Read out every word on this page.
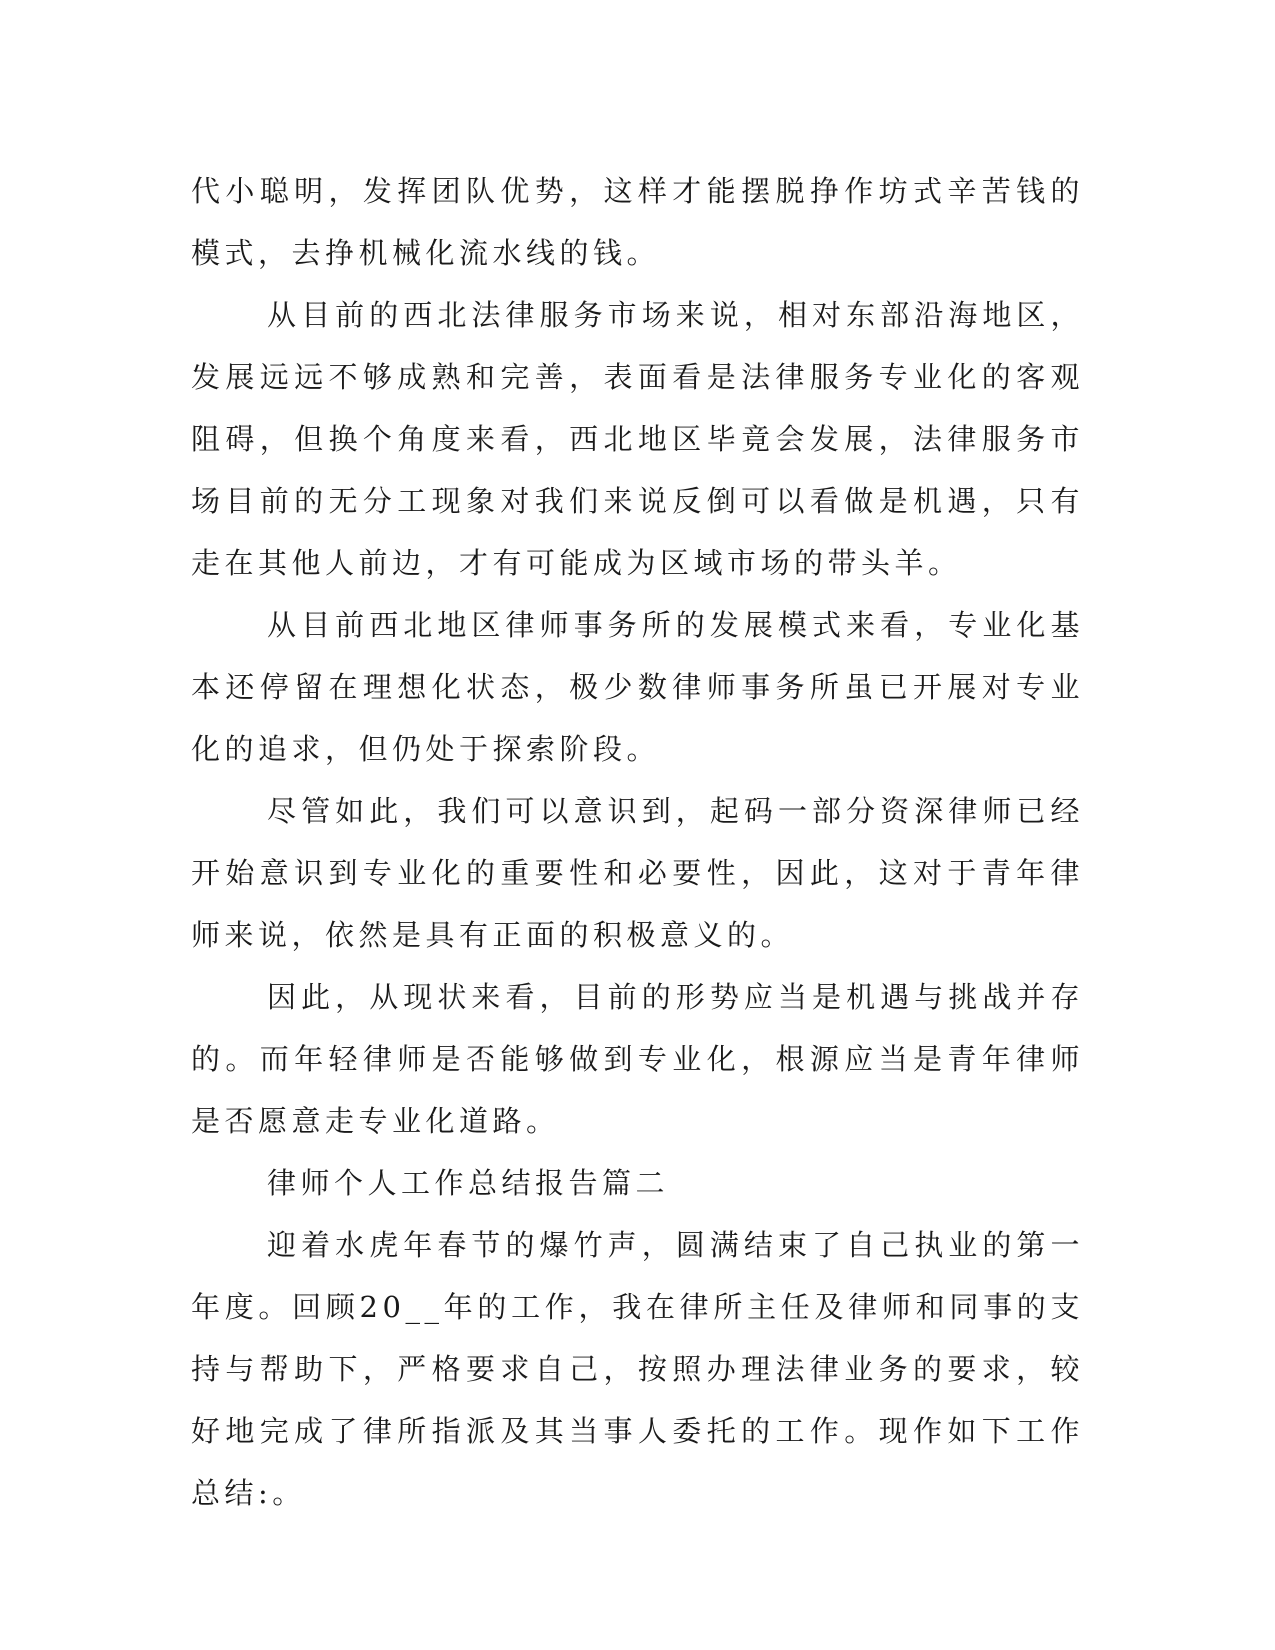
代小聪明，发挥团队优势，这样才能摆脱挣作坊式辛苦钱的模式，去挣机械化流水线的钱。

从目前的西北法律服务市场来说，相对东部沿海地区，发展远远不够成熟和完善，表面看是法律服务专业化的客观阻碍，但换个角度来看，西北地区毕竟会发展，法律服务市场目前的无分工现象对我们来说反倒可以看做是机遇，只有走在其他人前边，才有可能成为区域市场的带头羊。

从目前西北地区律师事务所的发展模式来看，专业化基本还停留在理想化状态，极少数律师事务所虽已开展对专业化的追求，但仍处于探索阶段。

尽管如此，我们可以意识到，起码一部分资深律师已经开始意识到专业化的重要性和必要性，因此，这对于青年律师来说，依然是具有正面的积极意义的。

因此，从现状来看，目前的形势应当是机遇与挑战并存的。而年轻律师是否能够做到专业化，根源应当是青年律师是否愿意走专业化道路。

律师个人工作总结报告篇二

迎着水虎年春节的爆竹声，圆满结束了自己执业的第一年度。回顾20__年的工作，我在律所主任及律师和同事的支持与帮助下，严格要求自己，按照办理法律业务的要求，较好地完成了律所指派及其当事人委托的工作。现作如下工作总结:。
